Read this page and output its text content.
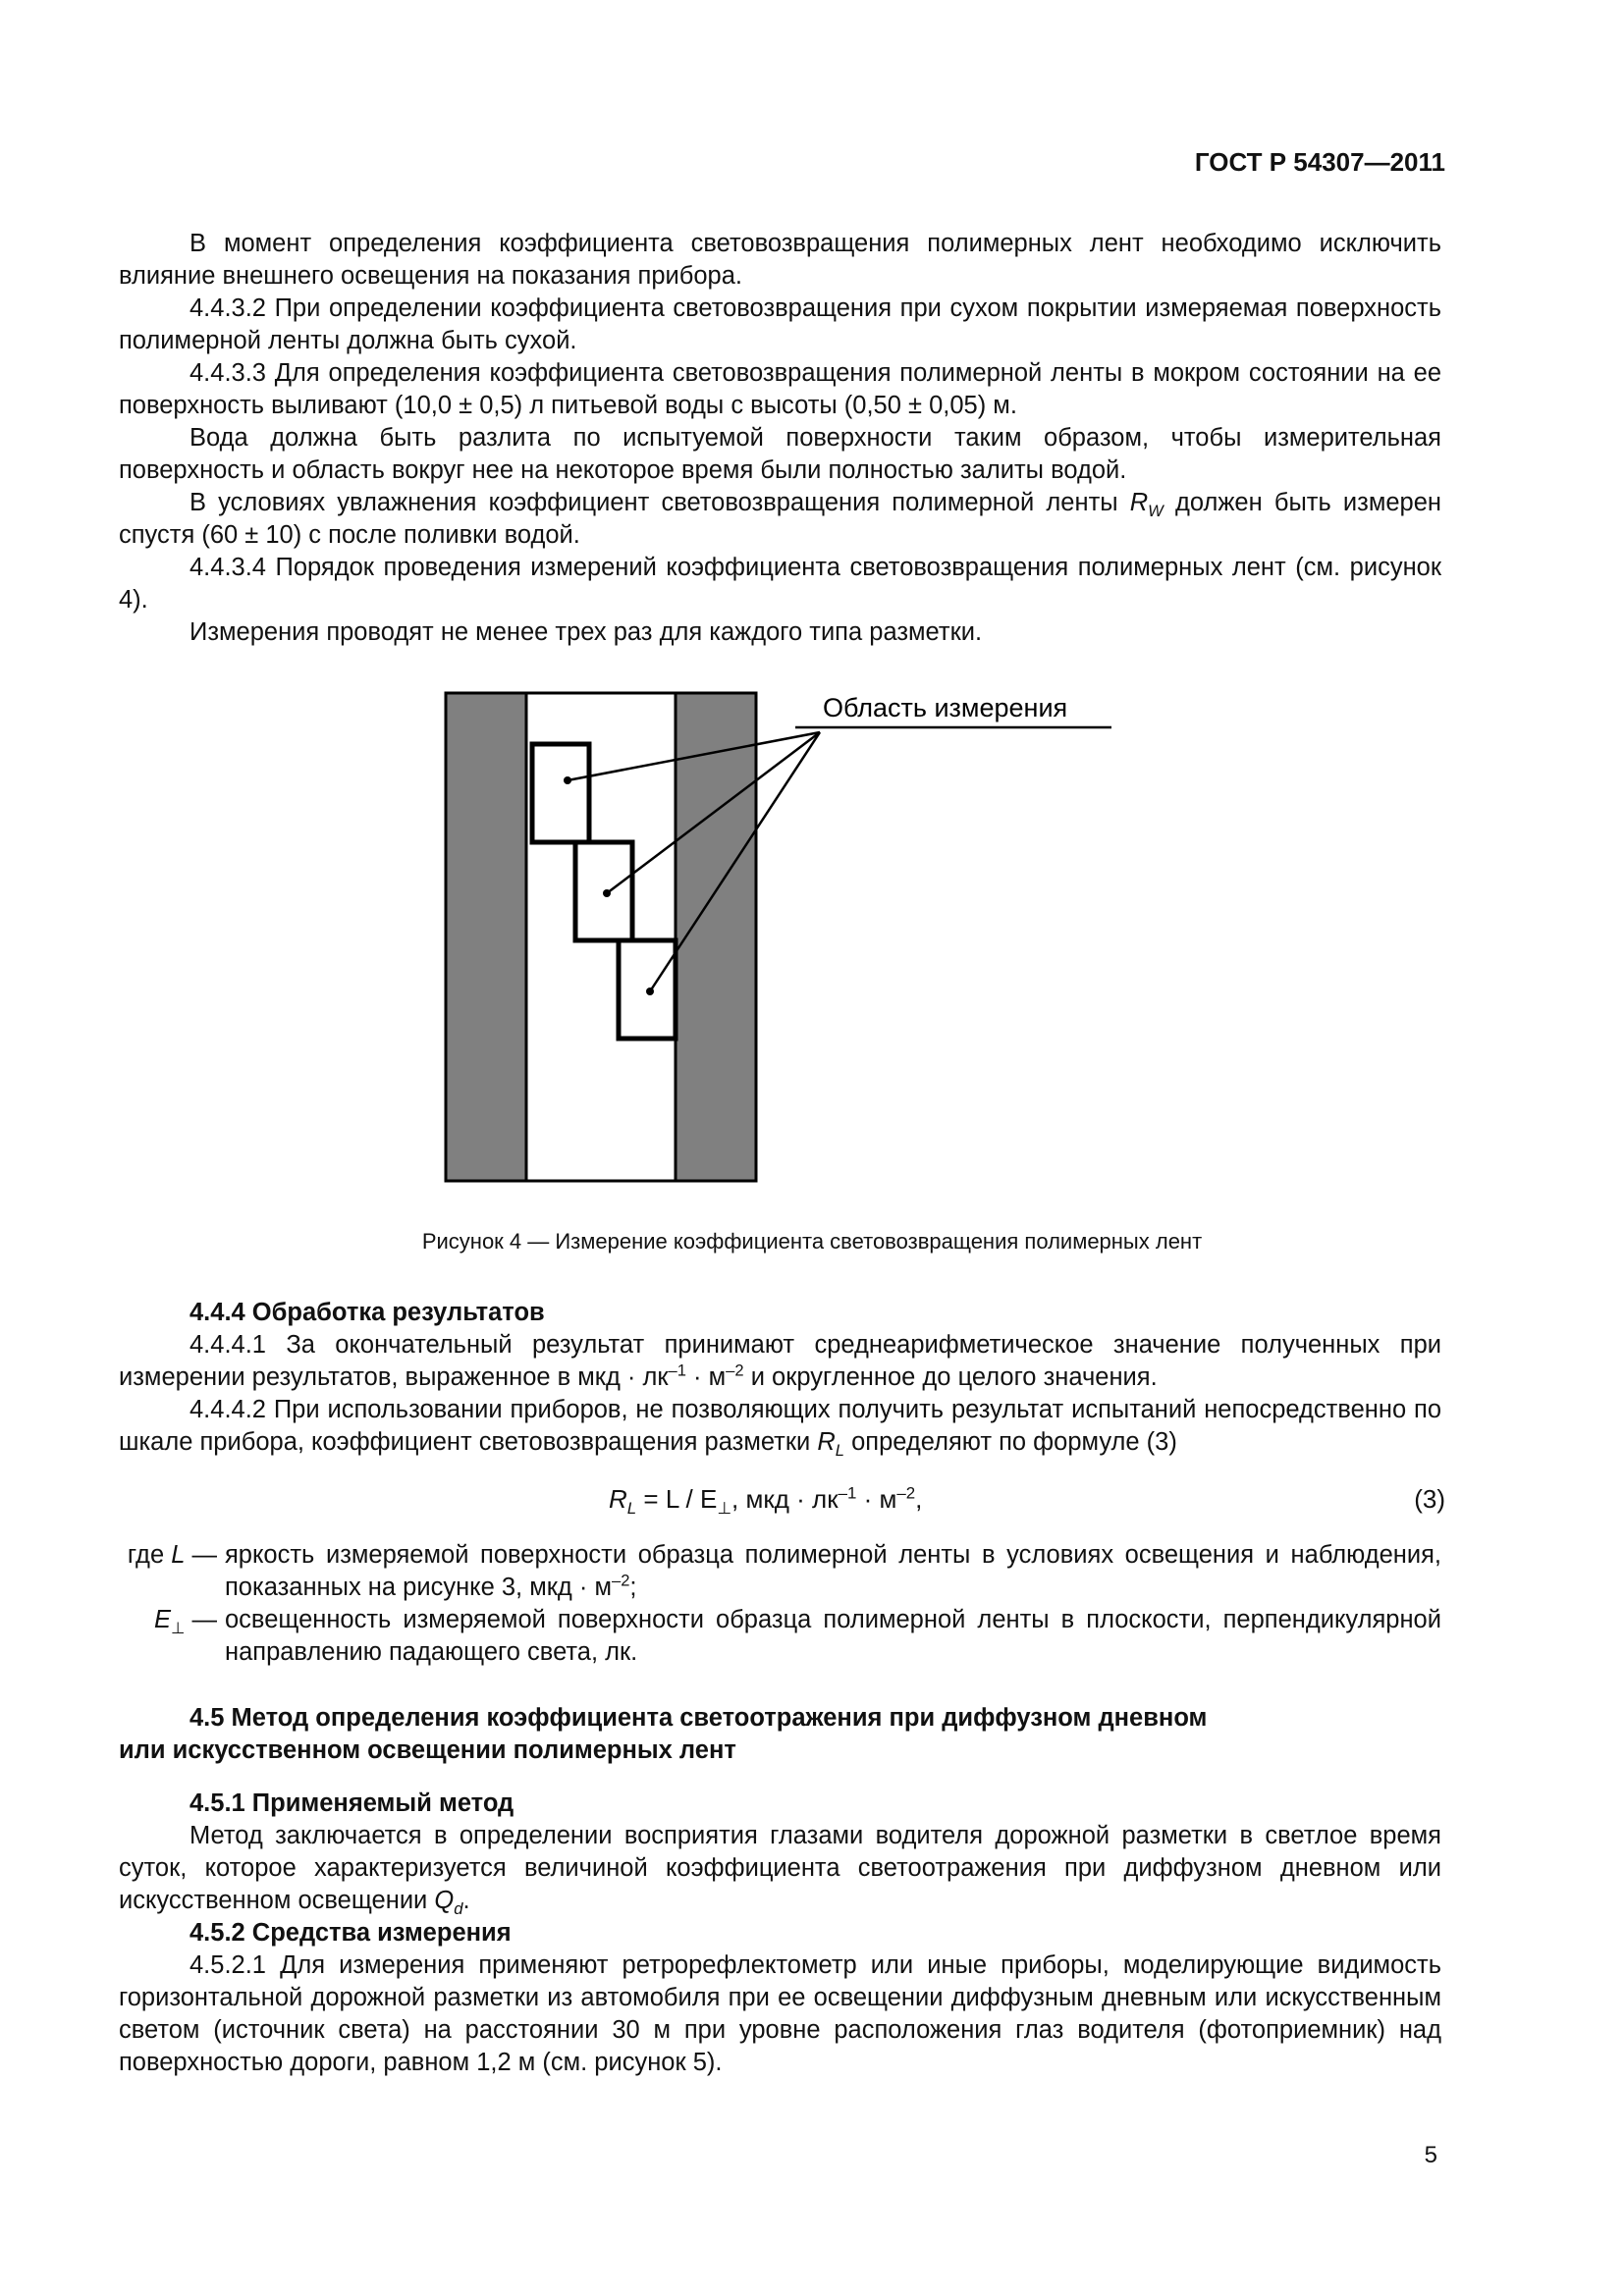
ГОСТ Р 54307—2011

В момент определения коэффициента световозвращения полимерных лент необходимо исключить влияние внешнего освещения на показания прибора.

4.4.3.2 При определении коэффициента световозвращения при сухом покрытии измеряемая поверхность полимерной ленты должна быть сухой.

4.4.3.3 Для определения коэффициента световозвращения полимерной ленты в мокром состоянии на ее поверхность выливают (10,0 ± 0,5) л питьевой воды с высоты (0,50 ± 0,05) м.

Вода должна быть разлита по испытуемой поверхности таким образом, чтобы измерительная поверхность и область вокруг нее на некоторое время были полностью залиты водой.

В условиях увлажнения коэффициент световозвращения полимерной ленты $R_W$ должен быть измерен спустя (60 ± 10) с после поливки водой.

4.4.3.4 Порядок проведения измерений коэффициента световозвращения полимерных лент (см. рисунок 4).

Измерения проводят не менее трех раз для каждого типа разметки.

Область измерения
Рисунок 4 — Измерение коэффициента световозвращения полимерных лент
4.4.4 Обработка результатов

4.4.4.1 За окончательный результат принимают среднеарифметическое значение полученных при измерении результатов, выраженное в мкд · $лк^{-1} \cdot м^{-2}$ и округленное до целого значения.

4.4.4.2 При использовании приборов, не позволяющих получить результат испытаний непосредственно по шкале прибора, коэффициент световозвращения разметки $R_L$ определяют по формуле (3)

$R_L = L / E_\perp$, мкд · $лк^{-1} \cdot м^{-2}$,	(3)
где L — яркость измеряемой поверхности образца полимерной ленты в условиях освещения и наблюдения, показанных на рисунке 3, мкд · $м^{-2}$;
$E_\perp$ — освещенность измеряемой поверхности образца полимерной ленты в плоскости, перпендикулярной направлению падающего света, лк.
4.5 Метод определения коэффициента светоотражения при диффузном дневном
или искусственном освещении полимерных лент
4.5.1 Применяемый метод

Метод заключается в определении восприятия глазами водителя дорожной разметки в светлое время суток, которое характеризуется величиной коэффициента светоотражения при диффузном дневном или искусственном освещении $Q_d$.

4.5.2 Средства измерения

4.5.2.1 Для измерения применяют ретрорефлектометр или иные приборы, моделирующие видимость горизонтальной дорожной разметки из автомобиля при ее освещении диффузным дневным или искусственным светом (источник света) на расстоянии 30 м при уровне расположения глаз водителя (фотоприемник) над поверхностью дороги, равном 1,2 м (см. рисунок 5).

5
